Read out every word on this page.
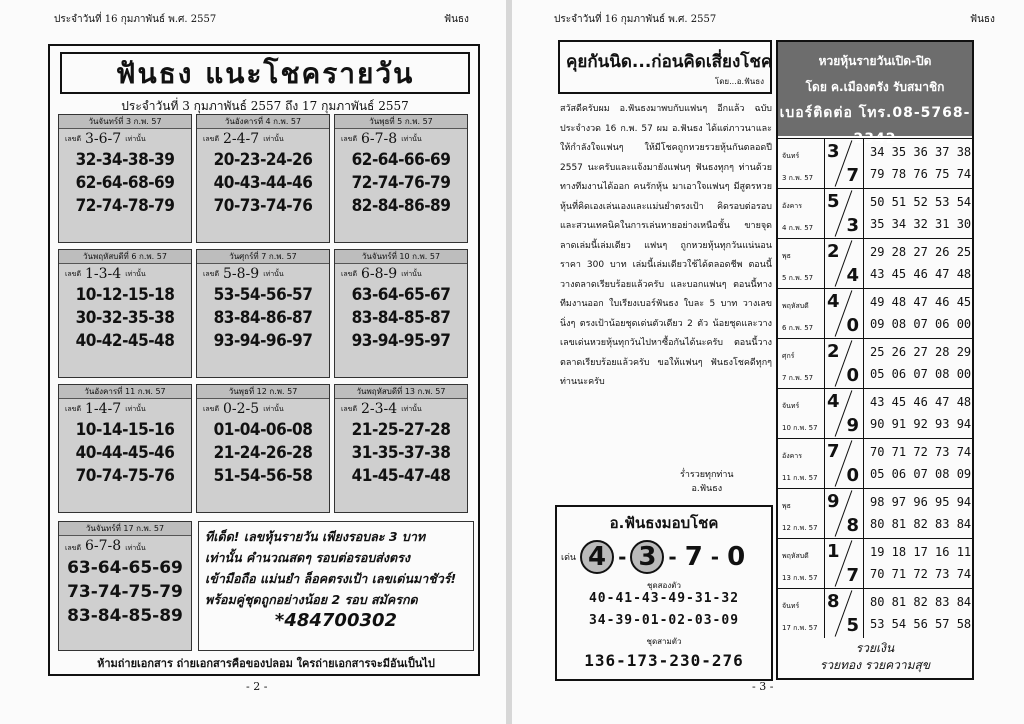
ประจำวันที่ 16 กุมภาพันธ์ พ.ศ. 2557	ฟันธง	ประจำวันที่ 16 กุมภาพันธ์ พ.ศ. 2557	ฟันธง
ฟันธง แนะโชครายวัน
ประจำวันที่ 3 กุมภาพันธ์ 2557 ถึง 17 กุมภาพันธ์ 2557
วันจันทร์ที่ 3 ก.พ. 57
เลขดี 3-6-7 เท่านั้น
32-34-38-39
62-64-68-69
72-74-78-79
วันอังคารที่ 4 ก.พ. 57
เลขดี 2-4-7 เท่านั้น
20-23-24-26
40-43-44-46
70-73-74-76
วันพุธที่ 5 ก.พ. 57
เลขดี 6-7-8 เท่านั้น
62-64-66-69
72-74-76-79
82-84-86-89
วันพฤหัสบดีที่ 6 ก.พ. 57
เลขดี 1-3-4 เท่านั้น
10-12-15-18
30-32-35-38
40-42-45-48
วันศุกร์ที่ 7 ก.พ. 57
เลขดี 5-8-9 เท่านั้น
53-54-56-57
83-84-86-87
93-94-96-97
วันจันทร์ที่ 10 ก.พ. 57
เลขดี 6-8-9 เท่านั้น
63-64-65-67
83-84-85-87
93-94-95-97
วันอังคารที่ 11 ก.พ. 57
เลขดี 1-4-7 เท่านั้น
10-14-15-16
40-44-45-46
70-74-75-76
วันพุธที่ 12 ก.พ. 57
เลขดี 0-2-5 เท่านั้น
01-04-06-08
21-24-26-28
51-54-56-58
วันพฤหัสบดีที่ 13 ก.พ. 57
เลขดี 2-3-4 เท่านั้น
21-25-27-28
31-35-37-38
41-45-47-48
วันจันทร์ที่ 17 ก.พ. 57
เลขดี 6-7-8 เท่านั้น
63-64-65-69
73-74-75-79
83-84-85-89
ทีเด็ด! เลขหุ้นรายวัน เพียงรอบละ 3 บาท
เท่านั้น คำนวณสดๆ รอบต่อรอบส่งตรง
เข้ามือถือ แม่นยำ ล็อคตรงเป้า เลขเด่นมาชัวร์!
พร้อมคู่ชุดถูกอย่างน้อย 2 รอบ สมัครกด
*484700302
ห้ามถ่ายเอกสาร ถ่ายเอกสารคือของปลอม ใครถ่ายเอกสารจะมีอันเป็นไป
- 2 -
คุยกันนิด...ก่อนคิดเสี่ยงโชค
โดย...อ.ฟันธง
สวัสดีครับผม อ.ฟันธงมาพบกับแฟนๆ อีกแล้ว ฉบับประจำงวด 16 ก.พ. 57 ผม อ.ฟันธง ได้แต่ภาวนาและให้กำลังใจแฟนๆ ให้มีโชคถูกหวยรวยหุ้นกันตลอดปี 2557 นะครับและแจ้งมายังแฟนๆ ฟันธงทุกๆ ท่านด้วยทางทีมงานได้ออก คนรักหุ้น มาเอาใจแฟนๆ มีสูตรหวยหุ้นที่คิดเองเล่นเองและแม่นยำตรงเป้า คิดรอบต่อรอบและสวนเทคนิคในการเล่นหายอย่างเหนือชั้น ขายจุดลาดเล่มนี้เล่มเดียว แฟนๆ ถูกหวยหุ้นทุกวันแน่นอน ราคา 300 บาท เล่มนี้เล่มเดียวใช้ได้ตลอดชีพ ตอนนี้วางตลาดเรียบร้อยแล้วครับ และบอกแฟนๆ ตอนนี้ทางทีมงานออก ใบเรียงเบอร์ฟันธง ใบละ 5 บาท วางเลขนิ่งๆ ตรงเป้าน้อยชุดเด่นตัวเดียว 2 ตัว น้อยชุดและวางเลขเด่นหวยหุ้นทุกวันไปหาซื้อกันได้นะครับ ตอนนี้วางตลาดเรียบร้อยแล้วครับ ขอให้แฟนๆ ฟันธงโชคดีทุกๆ ท่านนะครับ
ร่ำรวยทุกท่าน
อ.ฟันธง
อ.ฟันธงมอบโชค
เด่น 4 - 3 - 7 - 0
ชุดสองตัว
40-41-43-49-31-32
34-39-01-02-03-09
ชุดสามตัว
136-173-230-276
หวยหุ้นรายวันเปิด-ปิด
โดย ค.เมืองตรัง รับสมาชิก
เบอร์ติดต่อ โทร.08-5768-2342
รวยเงิน
รวยทอง รวยความสุข
จันทร์
3 ก.พ. 57
3
7
34 35 36 37 38
79 78 76 75 74
อังคาร
4 ก.พ. 57
5
3
50 51 52 53 54
35 34 32 31 30
พุธ
5 ก.พ. 57
2
4
29 28 27 26 25
43 45 46 47 48
พฤหัสบดี
6 ก.พ. 57
4
0
49 48 47 46 45
09 08 07 06 00
ศุกร์
7 ก.พ. 57
2
0
25 26 27 28 29
05 06 07 08 00
จันทร์
10 ก.พ. 57
4
9
43 45 46 47 48
90 91 92 93 94
อังคาร
11 ก.พ. 57
7
0
70 71 72 73 74
05 06 07 08 09
พุธ
12 ก.พ. 57
9
8
98 97 96 95 94
80 81 82 83 84
พฤหัสบดี
13 ก.พ. 57
1
7
19 18 17 16 11
70 71 72 73 74
จันทร์
17 ก.พ. 57
8
5
80 81 82 83 84
53 54 56 57 58
- 3 -
